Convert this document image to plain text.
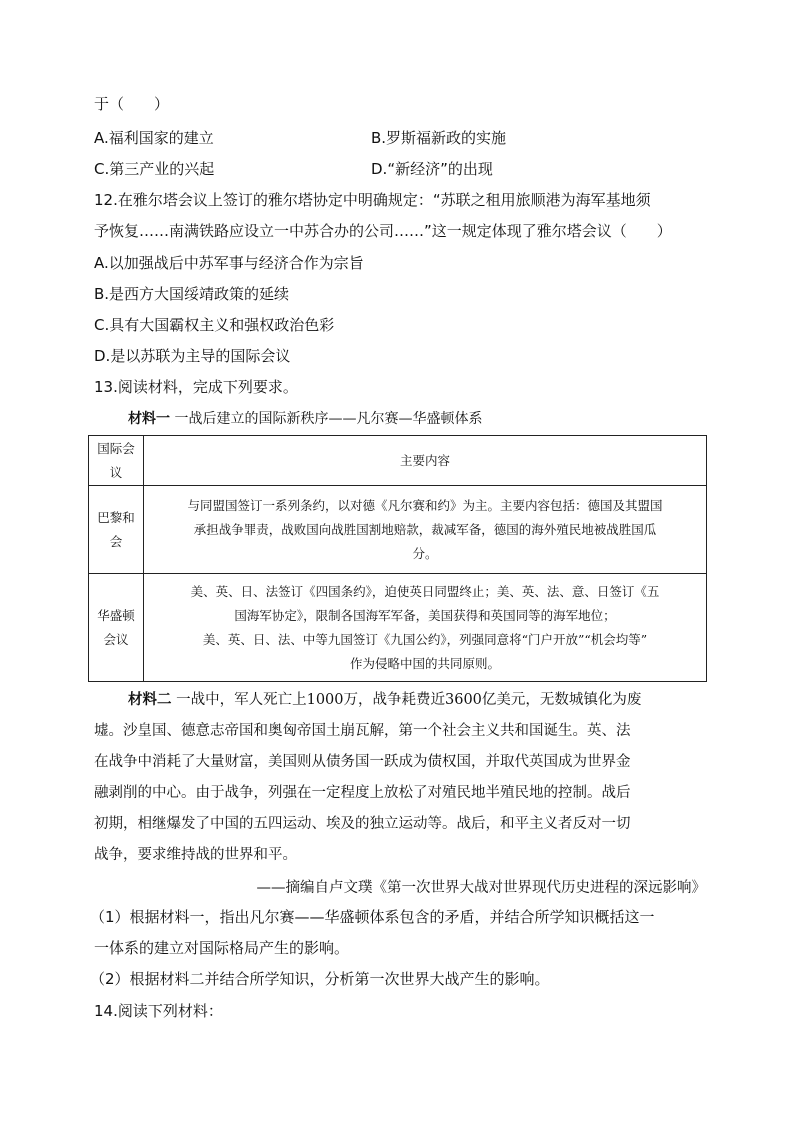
于（　　）
A.福利国家的建立	B.罗斯福新政的实施
C.第三产业的兴起	D.“新经济”的出现
12.在雅尔塔会议上签订的雅尔塔协定中明确规定：“苏联之租用旅顺港为海军基地须
予恢复……南满铁路应设立一中苏合办的公司……”这一规定体现了雅尔塔会议（　　）
A.以加强战后中苏军事与经济合作为宗旨
B.是西方大国绥靖政策的延续
C.具有大国霸权主义和强权政治色彩
D.是以苏联为主导的国际会议
13.阅读材料，完成下列要求。
材料一 一战后建立的国际新秩序——凡尔赛—华盛顿体系
国际会
议	主要内容

巴黎和
会	与同盟国签订一系列条约，以对德《凡尔赛和约》为主。主要内容包括：德国及其盟国
承担战争罪责，战败国向战胜国割地赔款，裁减军备，德国的海外殖民地被战胜国瓜
分。

华盛顿
会议	美、英、日、法签订《四国条约》，迫使英日同盟终止；美、英、法、意、日签订《五
国海军协定》，限制各国海军军备，美国获得和英国同等的海军地位；
美、英、日、法、中等九国签订《九国公约》，列强同意将“门户开放”“机会均等”
作为侵略中国的共同原则。
材料二 一战中，军人死亡上1000万，战争耗费近3600亿美元，无数城镇化为废
墟。沙皇国、德意志帝国和奥匈帝国土崩瓦解，第一个社会主义共和国诞生。英、法
在战争中消耗了大量财富，美国则从债务国一跃成为债权国，并取代英国成为世界金
融剥削的中心。由于战争，列强在一定程度上放松了对殖民地半殖民地的控制。战后
初期，相继爆发了中国的五四运动、埃及的独立运动等。战后，和平主义者反对一切
战争，要求维持战的世界和平。
——摘编自卢文璞《第一次世界大战对世界现代历史进程的深远影响》
（1）根据材料一，指出凡尔赛——华盛顿体系包含的矛盾，并结合所学知识概括这一
一体系的建立对国际格局产生的影响。
（2）根据材料二并结合所学知识，分析第一次世界大战产生的影响。
14.阅读下列材料：
